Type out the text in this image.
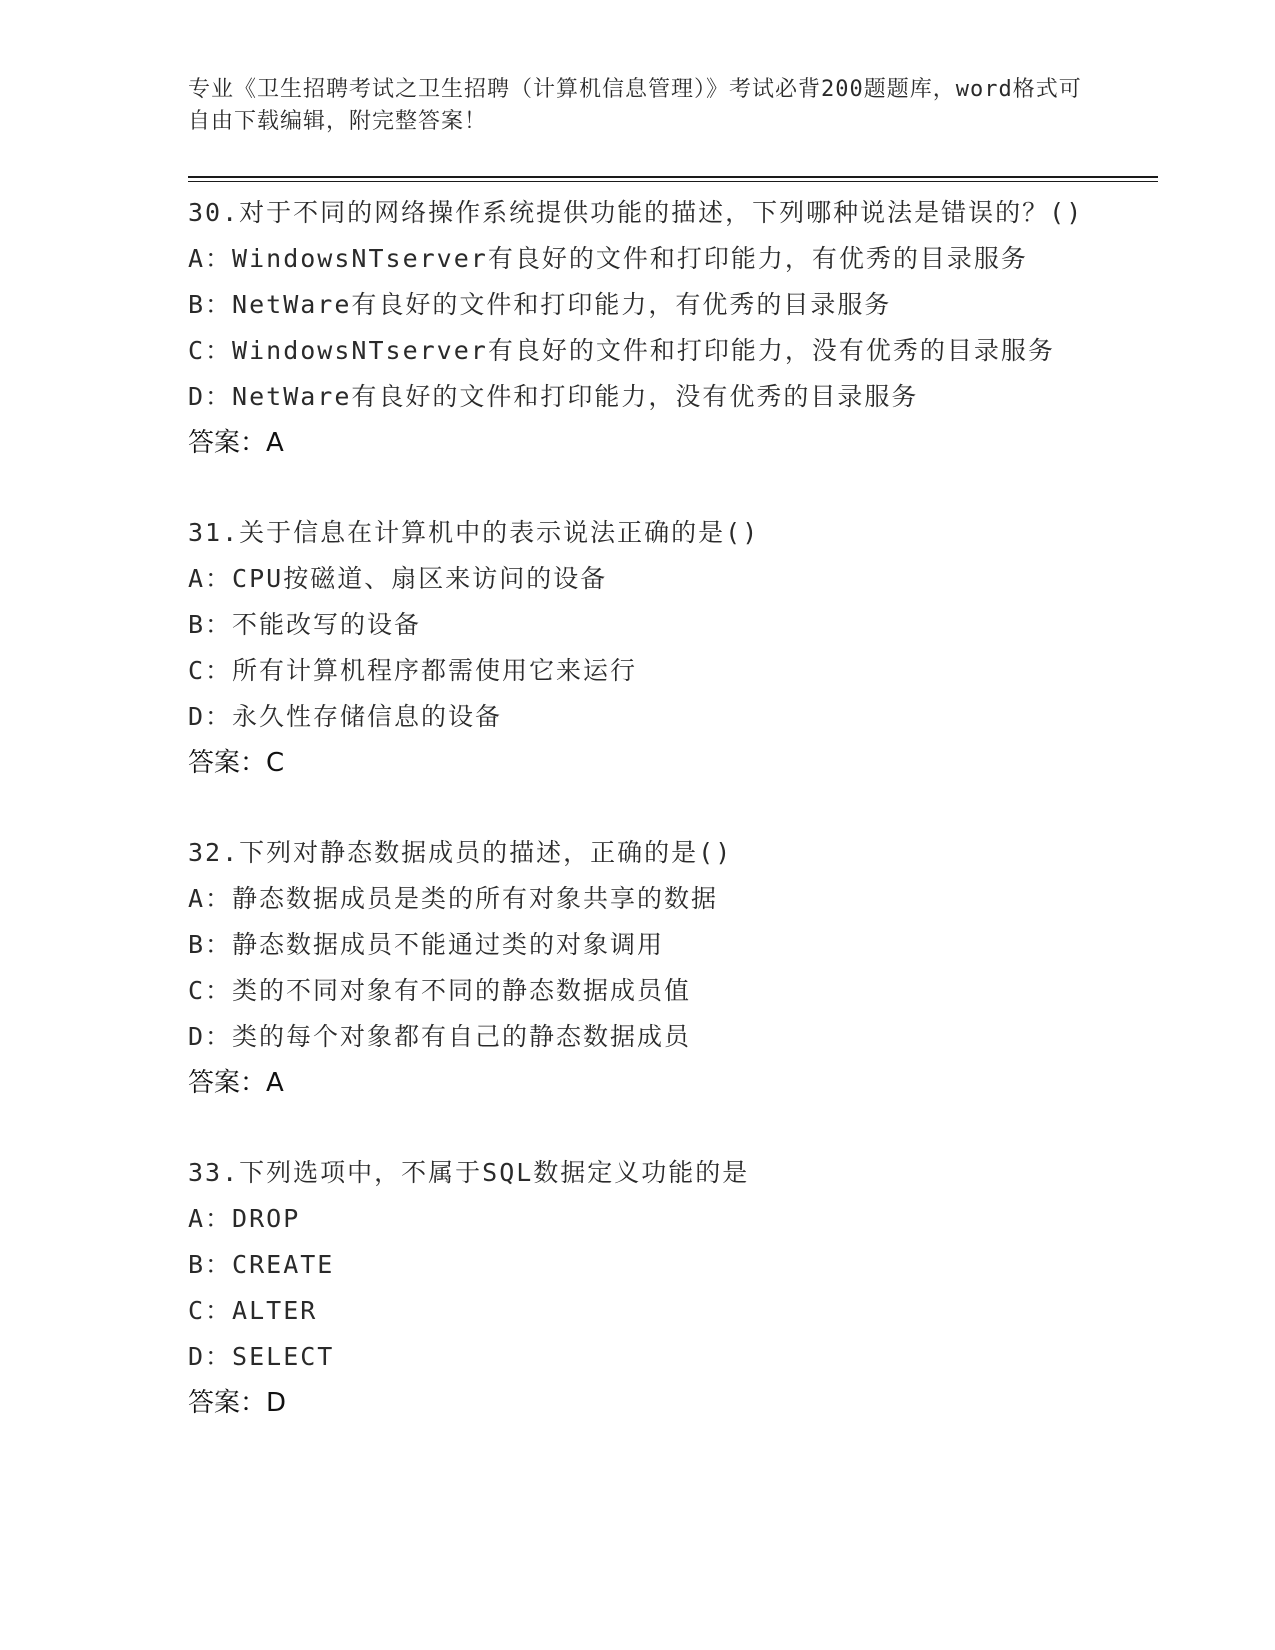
专业《卫生招聘考试之卫生招聘（计算机信息管理）》考试必背200题题库，word格式可自由下载编辑，附完整答案！
30.对于不同的网络操作系统提供功能的描述，下列哪种说法是错误的？()
A：WindowsNTserver有良好的文件和打印能力，有优秀的目录服务
B：NetWare有良好的文件和打印能力，有优秀的目录服务
C：WindowsNTserver有良好的文件和打印能力，没有优秀的目录服务
D：NetWare有良好的文件和打印能力，没有优秀的目录服务
答案：A
31.关于信息在计算机中的表示说法正确的是()
A：CPU按磁道、扇区来访问的设备
B：不能改写的设备
C：所有计算机程序都需使用它来运行
D：永久性存储信息的设备
答案：C
32.下列对静态数据成员的描述，正确的是()
A：静态数据成员是类的所有对象共享的数据
B：静态数据成员不能通过类的对象调用
C：类的不同对象有不同的静态数据成员值
D：类的每个对象都有自己的静态数据成员
答案：A
33.下列选项中，不属于SQL数据定义功能的是
A：DROP
B：CREATE
C：ALTER
D：SELECT
答案：D
